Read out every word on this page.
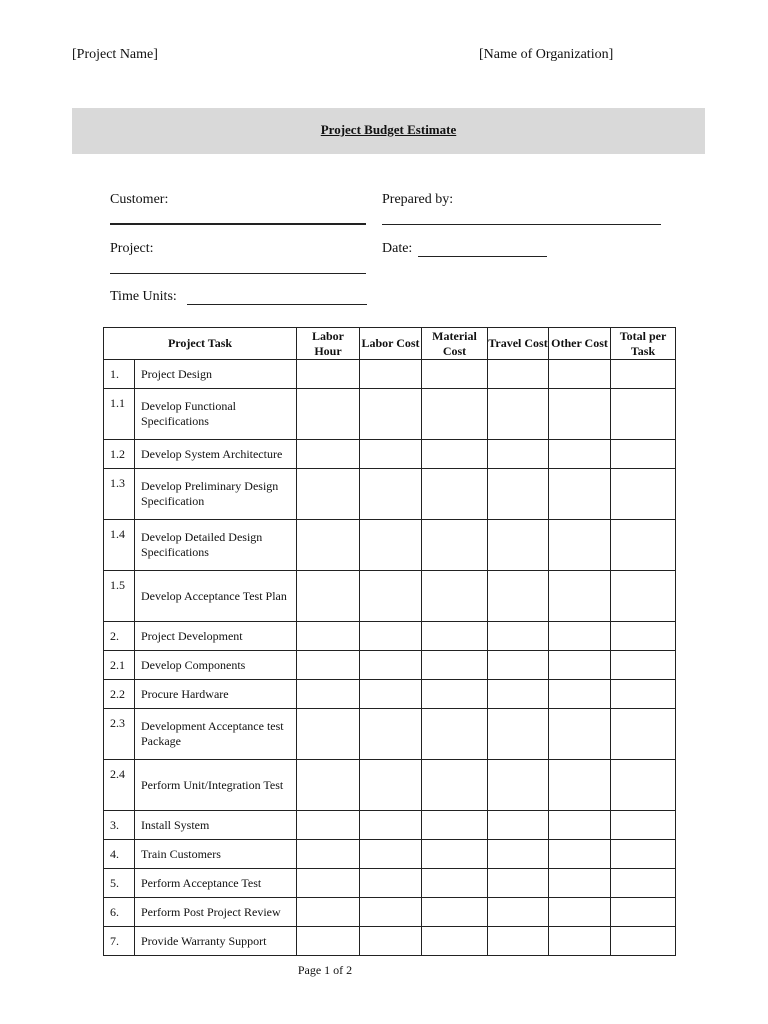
[Project Name]	[Name of Organization]
Project Budget Estimate
Customer:	Prepared by:
Project:	Date:
Time Units:
Project Task		Labor Hour	Labor Cost	Material Cost	Travel Cost	Other Cost	Total per Task
1.	Project Design						
1.1	Develop Functional Specifications						
1.2	Develop System Architecture						
1.3	Develop Preliminary Design Specification						
1.4	Develop Detailed Design Specifications						
1.5	Develop Acceptance Test Plan						
2.	Project Development						
2.1	Develop Components						
2.2	Procure Hardware						
2.3	Development Acceptance test Package						
2.4	Perform Unit/Integration Test						
3.	Install System						
4.	Train Customers						
5.	Perform Acceptance Test						
6.	Perform Post Project Review						
7.	Provide Warranty Support						
Page 1 of 2
